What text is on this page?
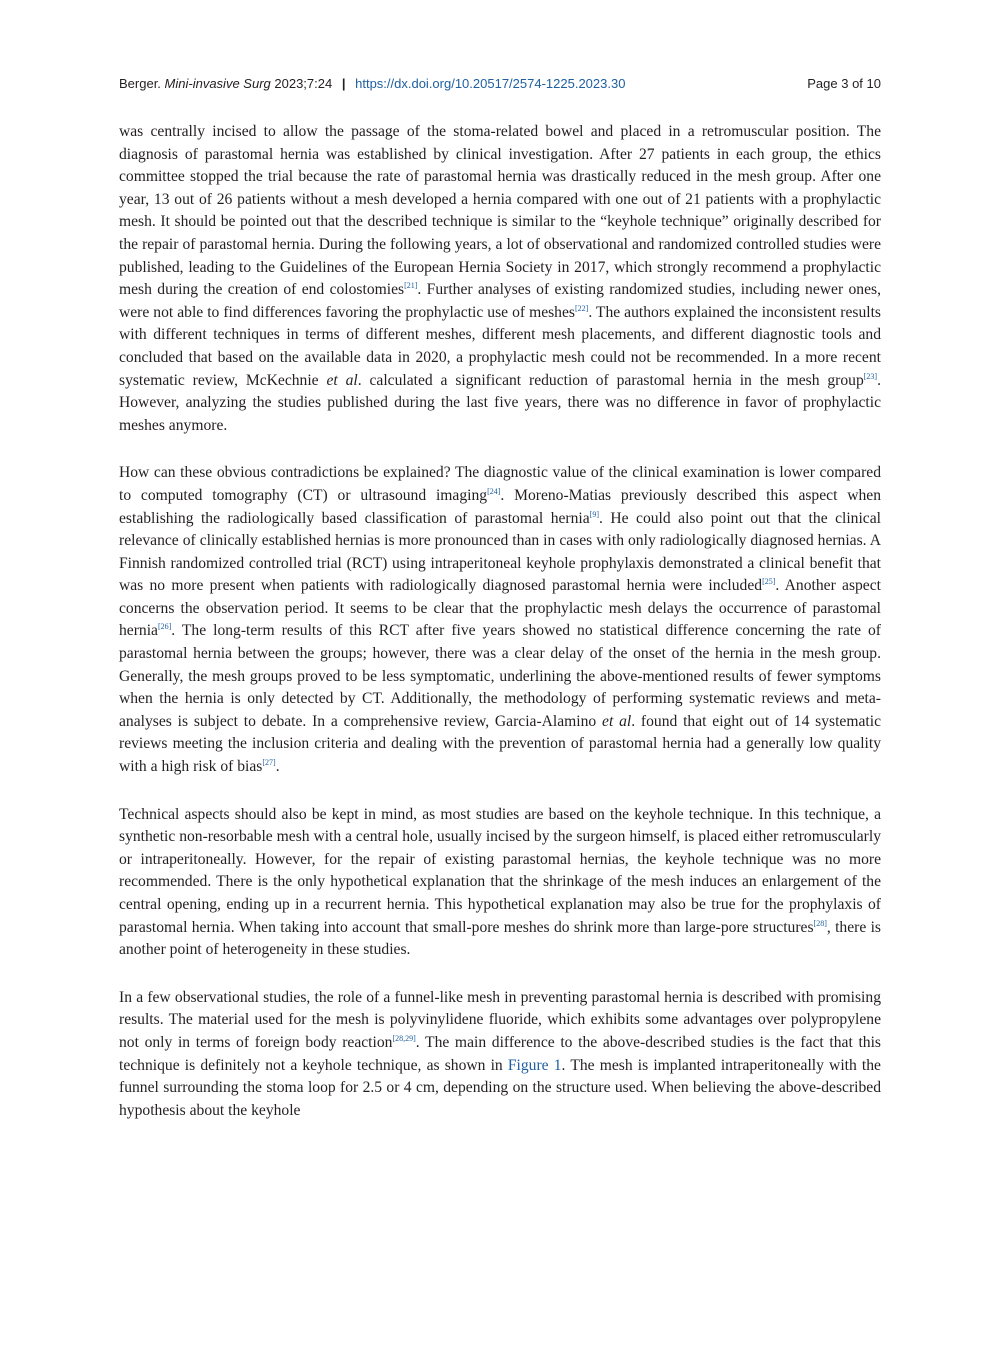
Berger. Mini-invasive Surg 2023;7:24 | https://dx.doi.org/10.20517/2574-1225.2023.30	Page 3 of 10

was centrally incised to allow the passage of the stoma-related bowel and placed in a retromuscular position. The diagnosis of parastomal hernia was established by clinical investigation. After 27 patients in each group, the ethics committee stopped the trial because the rate of parastomal hernia was drastically reduced in the mesh group. After one year, 13 out of 26 patients without a mesh developed a hernia compared with one out of 21 patients with a prophylactic mesh. It should be pointed out that the described technique is similar to the “keyhole technique” originally described for the repair of parastomal hernia. During the following years, a lot of observational and randomized controlled studies were published, leading to the Guidelines of the European Hernia Society in 2017, which strongly recommend a prophylactic mesh during the creation of end colostomies[21]. Further analyses of existing randomized studies, including newer ones, were not able to find differences favoring the prophylactic use of meshes[22]. The authors explained the inconsistent results with different techniques in terms of different meshes, different mesh placements, and different diagnostic tools and concluded that based on the available data in 2020, a prophylactic mesh could not be recommended. In a more recent systematic review, McKechnie et al. calculated a significant reduction of parastomal hernia in the mesh group[23]. However, analyzing the studies published during the last five years, there was no difference in favor of prophylactic meshes anymore.

How can these obvious contradictions be explained? The diagnostic value of the clinical examination is lower compared to computed tomography (CT) or ultrasound imaging[24]. Moreno-Matias previously described this aspect when establishing the radiologically based classification of parastomal hernia[9]. He could also point out that the clinical relevance of clinically established hernias is more pronounced than in cases with only radiologically diagnosed hernias. A Finnish randomized controlled trial (RCT) using intraperitoneal keyhole prophylaxis demonstrated a clinical benefit that was no more present when patients with radiologically diagnosed parastomal hernia were included[25]. Another aspect concerns the observation period. It seems to be clear that the prophylactic mesh delays the occurrence of parastomal hernia[26]. The long-term results of this RCT after five years showed no statistical difference concerning the rate of parastomal hernia between the groups; however, there was a clear delay of the onset of the hernia in the mesh group. Generally, the mesh groups proved to be less symptomatic, underlining the above-mentioned results of fewer symptoms when the hernia is only detected by CT. Additionally, the methodology of performing systematic reviews and meta-analyses is subject to debate. In a comprehensive review, Garcia-Alamino et al. found that eight out of 14 systematic reviews meeting the inclusion criteria and dealing with the prevention of parastomal hernia had a generally low quality with a high risk of bias[27].

Technical aspects should also be kept in mind, as most studies are based on the keyhole technique. In this technique, a synthetic non-resorbable mesh with a central hole, usually incised by the surgeon himself, is placed either retromuscularly or intraperitoneally. However, for the repair of existing parastomal hernias, the keyhole technique was no more recommended. There is the only hypothetical explanation that the shrinkage of the mesh induces an enlargement of the central opening, ending up in a recurrent hernia. This hypothetical explanation may also be true for the prophylaxis of parastomal hernia. When taking into account that small-pore meshes do shrink more than large-pore structures[28], there is another point of heterogeneity in these studies.

In a few observational studies, the role of a funnel-like mesh in preventing parastomal hernia is described with promising results. The material used for the mesh is polyvinylidene fluoride, which exhibits some advantages over polypropylene not only in terms of foreign body reaction[28,29]. The main difference to the above-described studies is the fact that this technique is definitely not a keyhole technique, as shown in Figure 1. The mesh is implanted intraperitoneally with the funnel surrounding the stoma loop for 2.5 or 4 cm, depending on the structure used. When believing the above-described hypothesis about the keyhole
